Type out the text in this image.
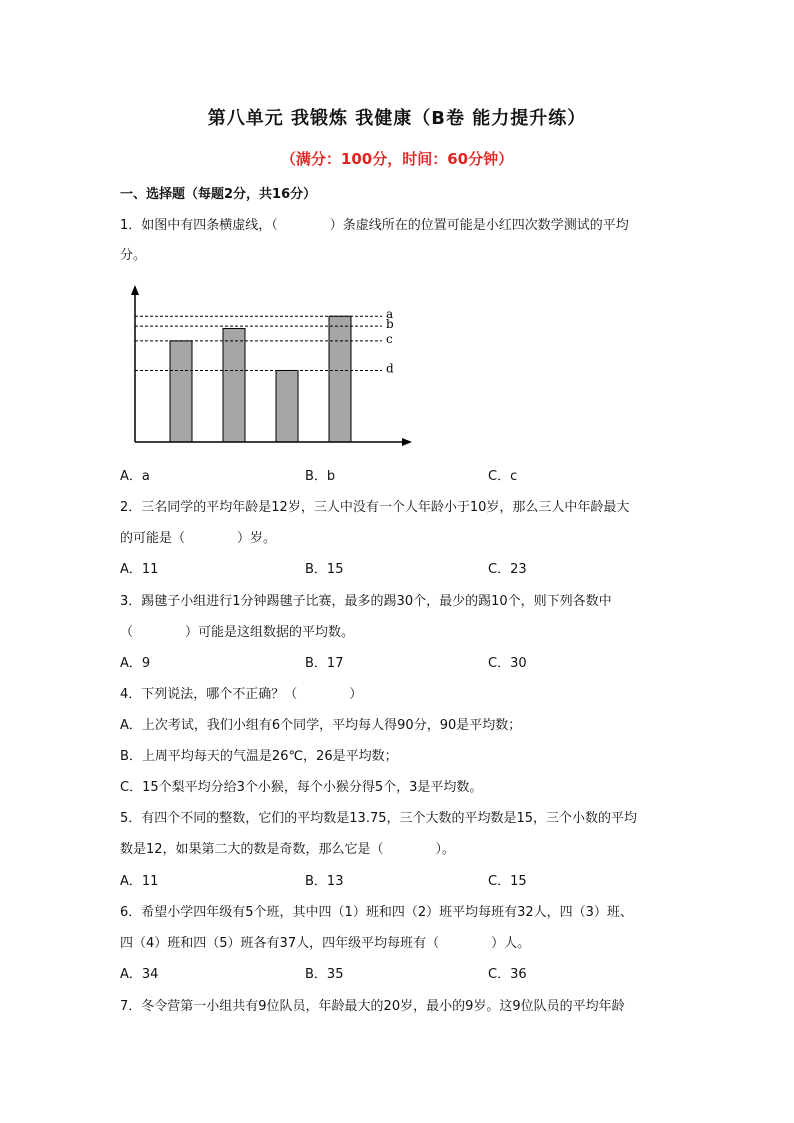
第八单元 我锻炼 我健康（B卷 能力提升练）
（满分：100分，时间：60分钟）
一、选择题（每题2分，共16分）
1．如图中有四条横虚线，（　　　　）条虚线所在的位置可能是小红四次数学测试的平均
分。
a
b
c
d
A．a	B．b	C．c
2．三名同学的平均年龄是12岁，三人中没有一个人年龄小于10岁，那么三人中年龄最大
的可能是（　　　　）岁。
A．11	B．15	C．23
3．踢毽子小组进行1分钟踢毽子比赛，最多的踢30个，最少的踢10个，则下列各数中
（　　　　）可能是这组数据的平均数。
A．9	B．17	C．30
4．下列说法，哪个不正确？（　　　　）
A．上次考试，我们小组有6个同学，平均每人得90分，90是平均数；
B．上周平均每天的气温是26℃，26是平均数；
C．15个梨平均分给3个小猴，每个小猴分得5个，3是平均数。
5．有四个不同的整数，它们的平均数是13.75，三个大数的平均数是15，三个小数的平均
数是12，如果第二大的数是奇数，那么它是（　　　　）。
A．11	B．13	C．15
6．希望小学四年级有5个班，其中四（1）班和四（2）班平均每班有32人，四（3）班、
四（4）班和四（5）班各有37人，四年级平均每班有（　　　　）人。
A．34	B．35	C．36
7．冬令营第一小组共有9位队员，年龄最大的20岁，最小的9岁。这9位队员的平均年龄
